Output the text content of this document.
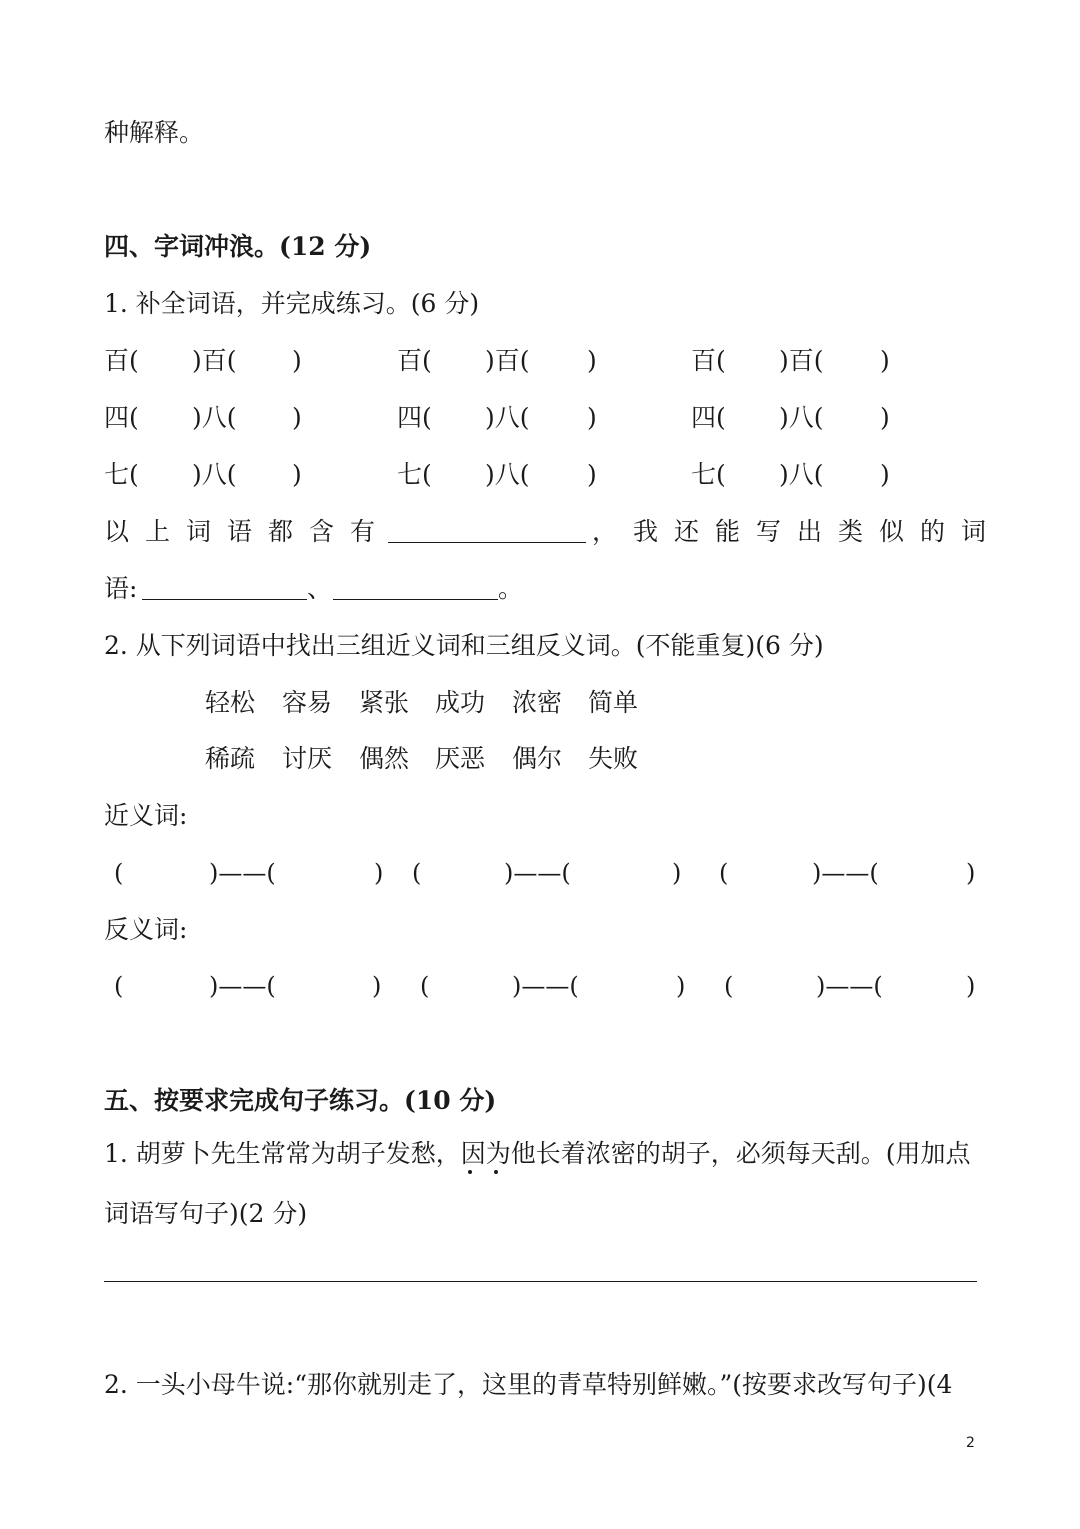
种解释。
四、字词冲浪。(12 分)
1. 补全词语，并完成练习。(6 分)
百( )百( )	百( )百( )	百( )百( )
四( )八( )	四( )八( )	四( )八( )
七( )八( )	七( )八( )	七( )八( )
以上词语都含有	，我还能写出类似的词
语:	、	。
2. 从下列词语中找出三组近义词和三组反义词。(不能重复)(6 分)
轻松 容易 紧张 成功 浓密 简单
稀疏 讨厌 偶然 厌恶 偶尔 失败
近义词:
(	)——(	) (	)——(	) (	)——(	)
反义词:
(	)——(	) (	)——(	) (	)——(	)
五、按要求完成句子练习。(10 分)
1. 胡萝卜先生常常为胡子发愁，因为他长着浓密的胡子，必须每天刮。(用加点
词语写句子)(2 分)
2. 一头小母牛说:“那你就别走了，这里的青草特别鲜嫩。”(按要求改写句子)(4
2
